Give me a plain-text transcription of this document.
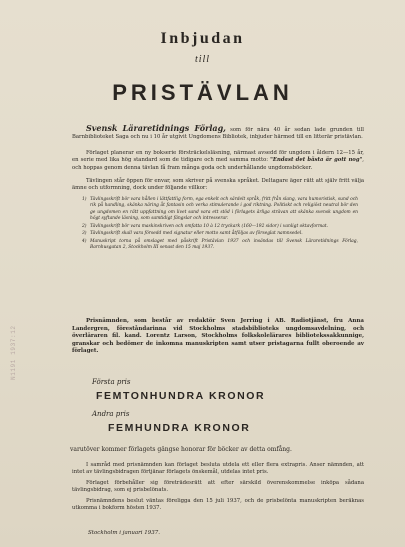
Inbjudan
till
PRISTÄVLAN

Svensk Läraretidnings Förlag, som för nära 40 år sedan lade grunden till Barnbiblioteket Saga och nu i 10 år utgivit Ungdomens Bibliotek, inbjuder härmed till en litterär pristävlan.

Förlaget planerar en ny bokserie försträckelsläsning, närmast avsedd för ungdom i åldern 12—15 år, en serie med lika hög standard som de tidigare och med samma motto: "Endast det bästa är gott nog", och hoppas genom denna tävlan få fram många goda och underhållande ungdomsböcker.

Tävlingen står öppen för envar, som skriver på svenska språket. Deltagare äger rätt att själv fritt välja ämne och utformning, dock under följande villkor:

1) Tävlingsskrift bör vara hållen i lättfattlig form, ega enkelt och särdelt språk, fritt från slang, vara humoristisk, sund och rik på handling, skänka näring åt fantasin och verka stimulerande i god riktning. Politiskt och religiöst neutral bör den ge ungdomen en rätt uppfattning om livet sand vara ett stöd i förlagets ärliga strävan att skänka svensk ungdom en högt syftande läsning, som samtidigt fängslar och intresserar.
2) Tävlingsskrift bör vara maskinskriven och omfatta 10 à 12 tryckark (160—192 sidor) i vanligt oktavformat.
3) Tävlingsskrift skall vara försedd med signatur eller motto samt åtföljas av förseglat namnsedel.
4) Manuskript torna på omslaget med påskrift Pristävlan 1937 och insändas till Svensk Läraretidnings Förlag, Barnhusgatan 2, Stockholm III senast den 15 maj 1937.

Prisnämnden, som består av redaktör Sven Jerring i AB. Radiotjänst, fru Anna Landergren, föreståndarinna vid Stockholms stadsbiblioteks ungdomsavdelning, och överläraren fil. kand. Lorentz Larson, Stockholms folkskolelärares bibliotekssakkunnige, granskar och bedömer de inkomna manuskripten samt utser pristagarna fullt oberoende av förlaget.

Första pris
FEMTONHUNDRA KRONOR
Andra pris
FEMHUNDRA KRONOR
varutöver kommer förlagets gängse honorar för böcker av detta omfång.

I samråd med prisnämnden kan förlaget besluta utdela ett eller flera extrapris. Anser nämnden, att intet av tävlingsbidragen förtjänar förlagets önskemål, utdelas intet pris.

Förlaget förbehåller sig företrädesrätt att efter särskild överenskommelse inköpa sådana tävlingsbidrag, som ej prisbelönats.

Prisnämndens beslut väntas föreligga den 15 juli 1937, och de prisbelönta manuskripten beräknas utkomma i bokform hösten 1937.

Stockholm i januari 1937.
N1191 1937:12
